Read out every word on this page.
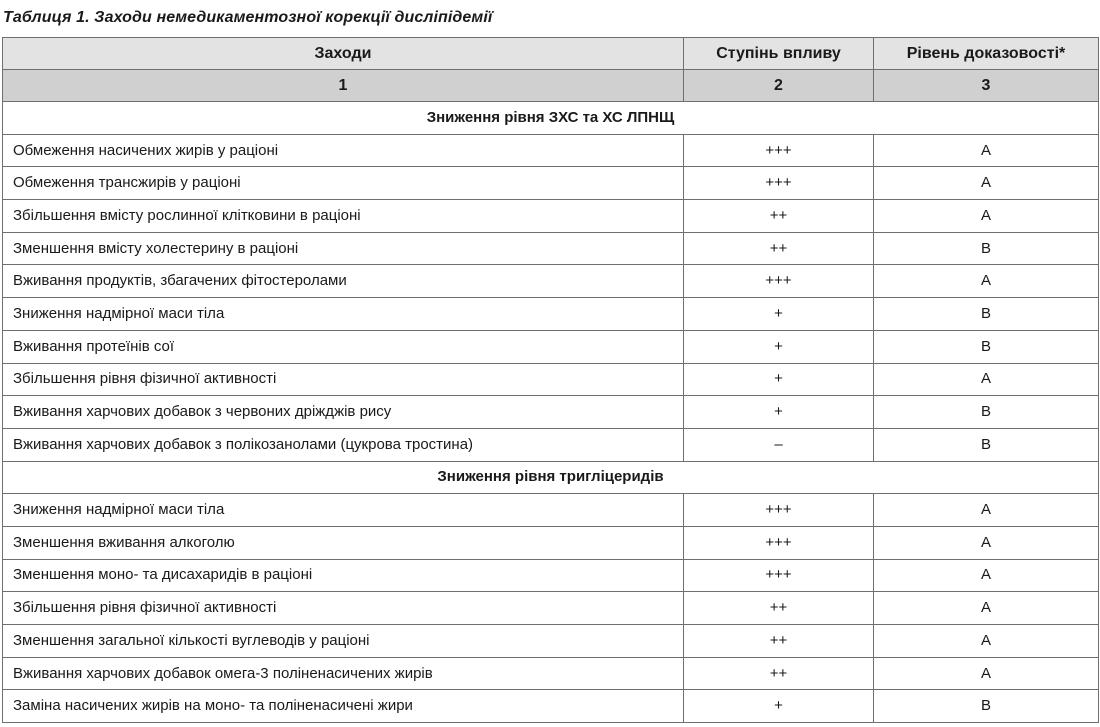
Таблиця 1. Заходи немедикаментозної корекції дисліпідемії
Заходи	Ступінь впливу	Рівень доказовості*
1	2	3
Зниження рівня ЗХС та ХС ЛПНЩ		
Обмеження насичених жирів у раціоні	+++	A
Обмеження трансжирів у раціоні	+++	A
Збільшення вмісту рослинної клітковини в раціоні	++	A
Зменшення вмісту холестерину в раціоні	++	B
Вживання продуктів, збагачених фітостеролами	+++	A
Зниження надмірної маси тіла	+	B
Вживання протеїнів сої	+	B
Збільшення рівня фізичної активності	+	A
Вживання харчових добавок з червоних дріжджів рису	+	B
Вживання харчових добавок з полікозанолами (цукрова тростина)	–	B
Зниження рівня тригліцеридів		
Зниження надмірної маси тіла	+++	A
Зменшення вживання алкоголю	+++	A
Зменшення моно- та дисахаридів в раціоні	+++	A
Збільшення рівня фізичної активності	++	A
Зменшення загальної кількості вуглеводів у раціоні	++	A
Вживання харчових добавок омега-3 поліненасичених жирів	++	A
Заміна насичених жирів на моно- та поліненасичені жири	+	B
